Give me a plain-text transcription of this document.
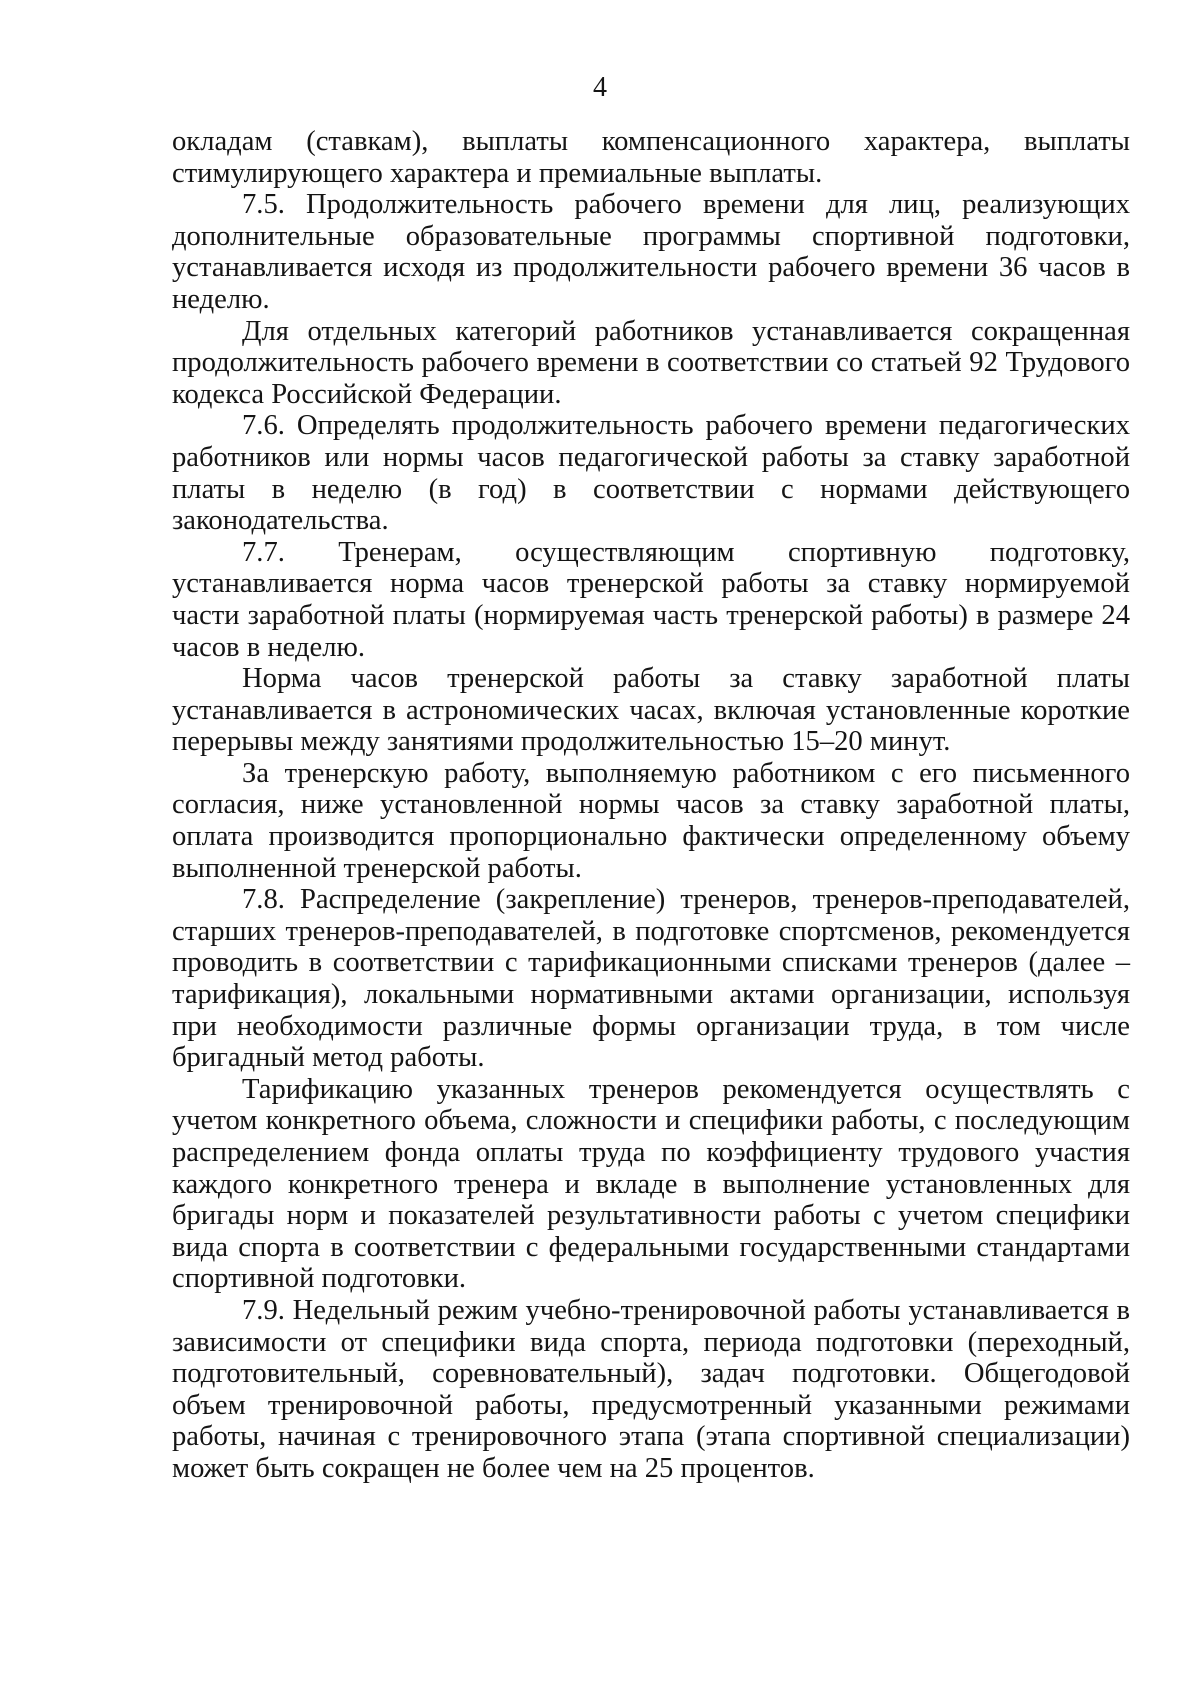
4

окладам (ставкам), выплаты компенсационного характера, выплаты стимулирующего характера и премиальные выплаты.

7.5. Продолжительность рабочего времени для лиц, реализующих дополнительные образовательные программы спортивной подготовки, устанавливается исходя из продолжительности рабочего времени 36 часов в неделю.

Для отдельных категорий работников устанавливается сокращенная продолжительность рабочего времени в соответствии со статьей 92 Трудового кодекса Российской Федерации.

7.6. Определять продолжительность рабочего времени педагогических работников или нормы часов педагогической работы за ставку заработной платы в неделю (в год) в соответствии с нормами действующего законодательства.

7.7. Тренерам, осуществляющим спортивную подготовку, устанавливается норма часов тренерской работы за ставку нормируемой части заработной платы (нормируемая часть тренерской работы) в размере 24 часов в неделю.

Норма часов тренерской работы за ставку заработной платы устанавливается в астрономических часах, включая установленные короткие перерывы между занятиями продолжительностью 15–20 минут.

За тренерскую работу, выполняемую работником с его письменного согласия, ниже установленной нормы часов за ставку заработной платы, оплата производится пропорционально фактически определенному объему выполненной тренерской работы.

7.8. Распределение (закрепление) тренеров, тренеров-преподавателей, старших тренеров-преподавателей, в подготовке спортсменов, рекомендуется проводить в соответствии с тарификационными списками тренеров (далее – тарификация), локальными нормативными актами организации, используя при необходимости различные формы организации труда, в том числе бригадный метод работы.

Тарификацию указанных тренеров рекомендуется осуществлять с учетом конкретного объема, сложности и специфики работы, с последующим распределением фонда оплаты труда по коэффициенту трудового участия каждого конкретного тренера и вкладе в выполнение установленных для бригады норм и показателей результативности работы с учетом специфики вида спорта в соответствии с федеральными государственными стандартами спортивной подготовки.

7.9. Недельный режим учебно-тренировочной работы устанавливается в зависимости от специфики вида спорта, периода подготовки (переходный, подготовительный, соревновательный), задач подготовки. Общегодовой объем тренировочной работы, предусмотренный указанными режимами работы, начиная с тренировочного этапа (этапа спортивной специализации) может быть сокращен не более чем на 25 процентов.
